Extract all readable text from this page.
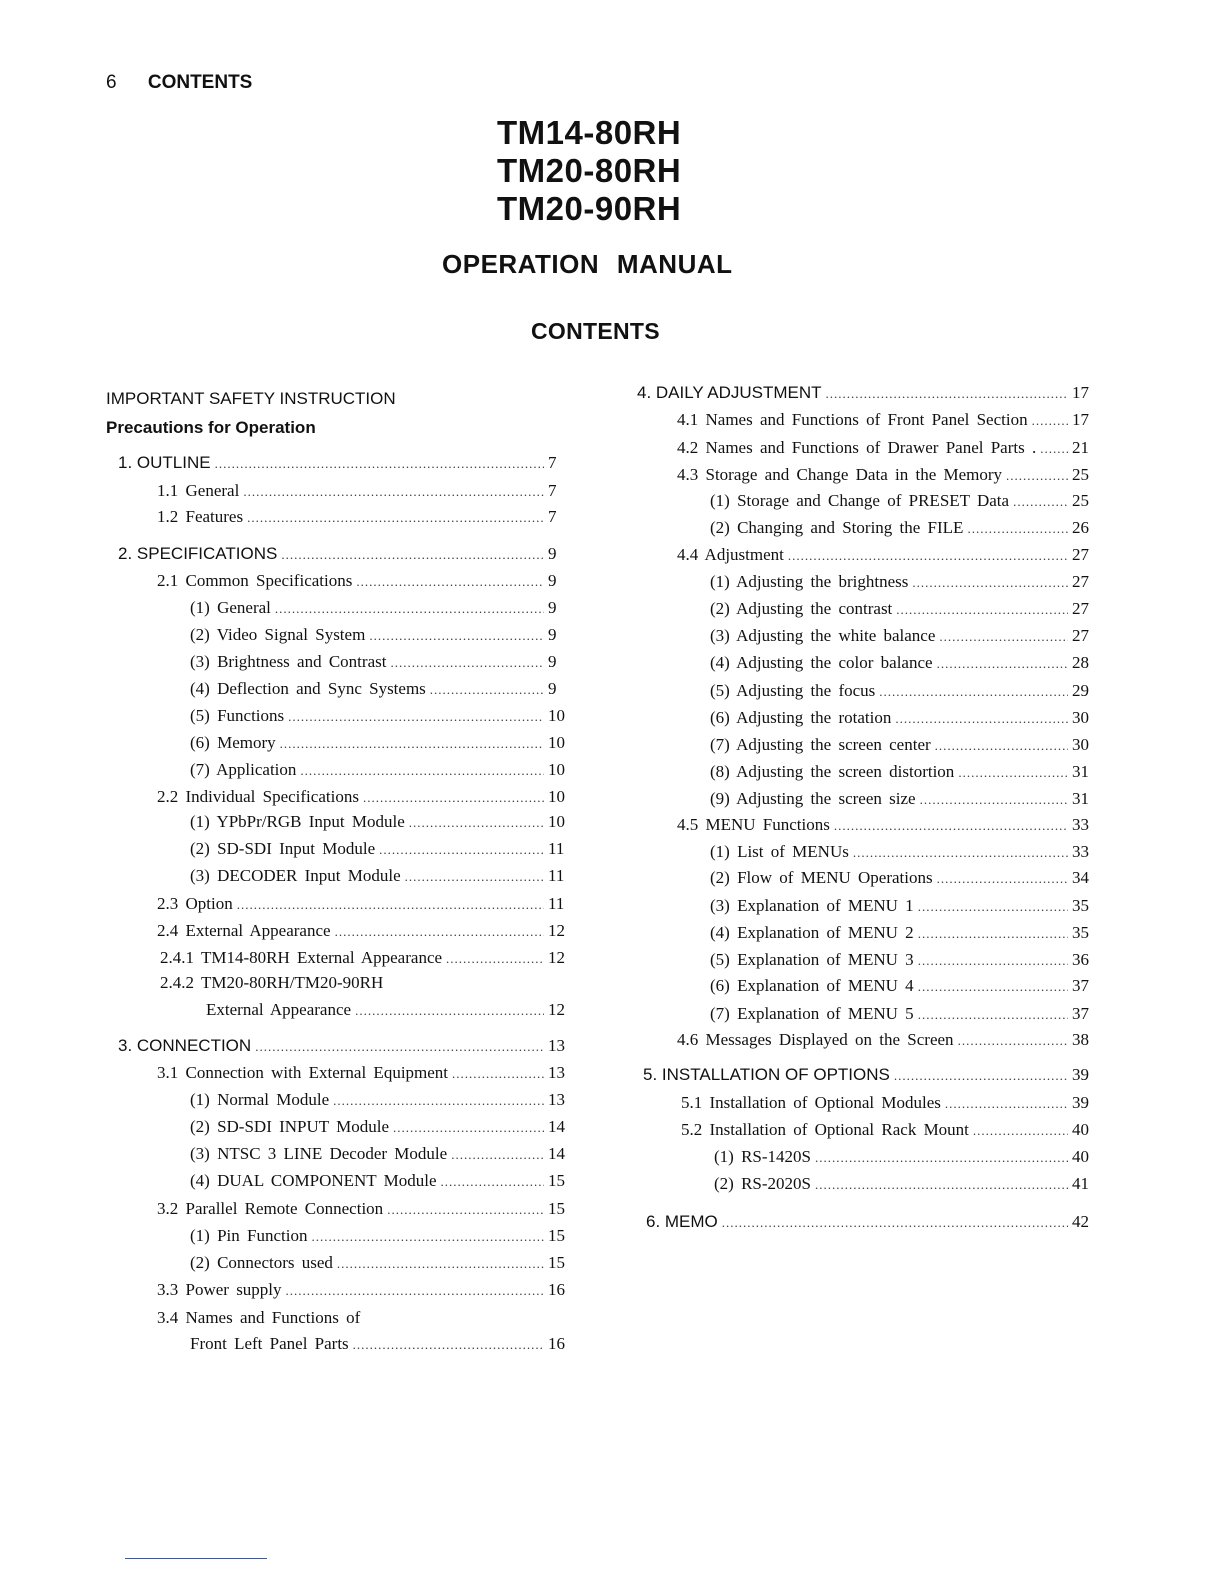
6 CONTENTS
TM14-80RH
TM20-80RH
TM20-90RH
OPERATION MANUAL
CONTENTS
IMPORTANT SAFETY INSTRUCTION
Precautions for Operation
1. OUTLINE .....	7
1.1 General .....	7
1.2 Features .....	7
2. SPECIFICATIONS .....	9
2.1 Common Specifications .....	9
(1) General .....	9
(2) Video Signal System .....	9
(3) Brightness and Contrast .....	9
(4) Deflection and Sync Systems .....	9
(5) Functions .....	10
(6) Memory .....	10
(7) Application .....	10
2.2 Individual Specifications .....	10
(1) YPbPr/RGB Input Module .....	10
(2) SD-SDI Input Module .....	11
(3) DECODER Input Module .....	11
2.3 Option .....	11
2.4 External Appearance .....	12
2.4.1 TM14-80RH External Appearance .....	12
2.4.2 TM20-80RH/TM20-90RH
External Appearance .....	12
3. CONNECTION .....	13
3.1 Connection with External Equipment .....	13
(1) Normal Module .....	13
(2) SD-SDI INPUT Module .....	14
(3) NTSC 3 LINE Decoder Module .....	14
(4) DUAL COMPONENT Module .....	15
3.2 Parallel Remote Connection .....	15
(1) Pin Function .....	15
(2) Connectors used .....	15
3.3 Power supply .....	16
3.4 Names and Functions of
Front Left Panel Parts .....	16
4. DAILY ADJUSTMENT .....	17
4.1 Names and Functions of Front Panel Section .....	17
4.2 Names and Functions of Drawer Panel Parts . ..... 21
4.3 Storage and Change Data in the Memory .....	25
(1) Storage and Change of PRESET Data .....	25
(2) Changing and Storing the FILE .....	26
4.4 Adjustment .....	27
(1) Adjusting the brightness .....	27
(2) Adjusting the contrast .....	27
(3) Adjusting the white balance .....	27
(4) Adjusting the color balance .....	28
(5) Adjusting the focus .....	29
(6) Adjusting the rotation .....	30
(7) Adjusting the screen center .....	30
(8) Adjusting the screen distortion .....	31
(9) Adjusting the screen size .....	31
4.5 MENU Functions .....	33
(1) List of MENUs .....	33
(2) Flow of MENU Operations .....	34
(3) Explanation of MENU 1 .....	35
(4) Explanation of MENU 2 .....	35
(5) Explanation of MENU 3 .....	36
(6) Explanation of MENU 4 .....	37
(7) Explanation of MENU 5 .....	37
4.6 Messages Displayed on the Screen .....	38
5. INSTALLATION OF OPTIONS .....	39
5.1 Installation of Optional Modules .....	39
5.2 Installation of Optional Rack Mount .....	40
(1) RS-1420S .....	40
(2) RS-2020S .....	41
6. MEMO .....	42
